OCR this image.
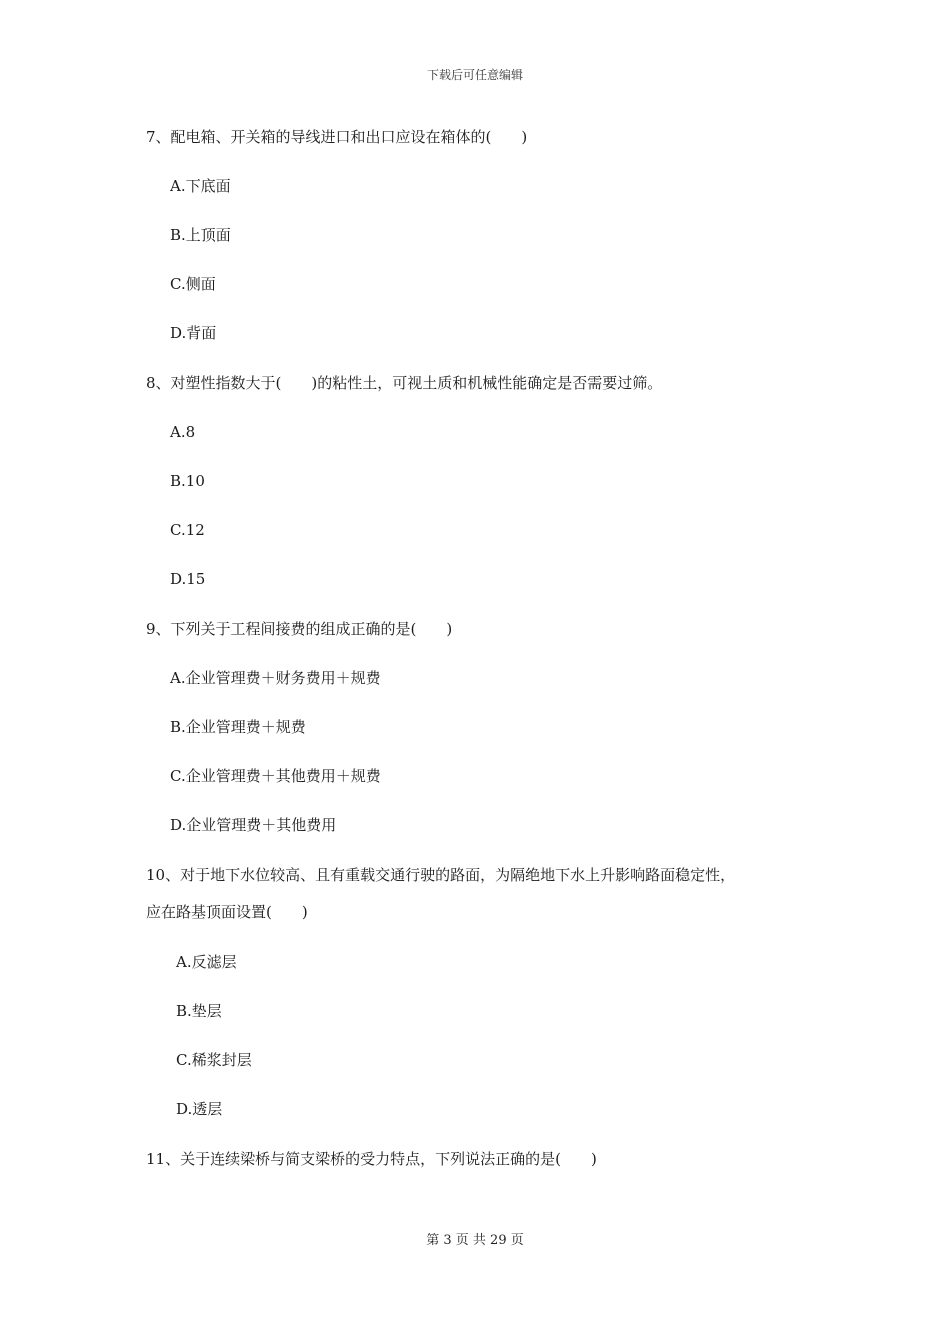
下载后可任意编辑
7、配电箱、开关箱的导线进口和出口应设在箱体的(　　)
A.下底面
B.上顶面
C.侧面
D.背面
8、对塑性指数大于(　　)的粘性土，可视土质和机械性能确定是否需要过筛。
A.8
B.10
C.12
D.15
9、下列关于工程间接费的组成正确的是(　　)
A.企业管理费＋财务费用＋规费
B.企业管理费＋规费
C.企业管理费＋其他费用＋规费
D.企业管理费＋其他费用
10、对于地下水位较高、且有重载交通行驶的路面，为隔绝地下水上升影响路面稳定性，
应在路基顶面设置(　　)
A.反滤层
B.垫层
C.稀浆封层
D.透层
11、关于连续梁桥与简支梁桥的受力特点，下列说法正确的是(　　)
第 3 页 共 29 页
